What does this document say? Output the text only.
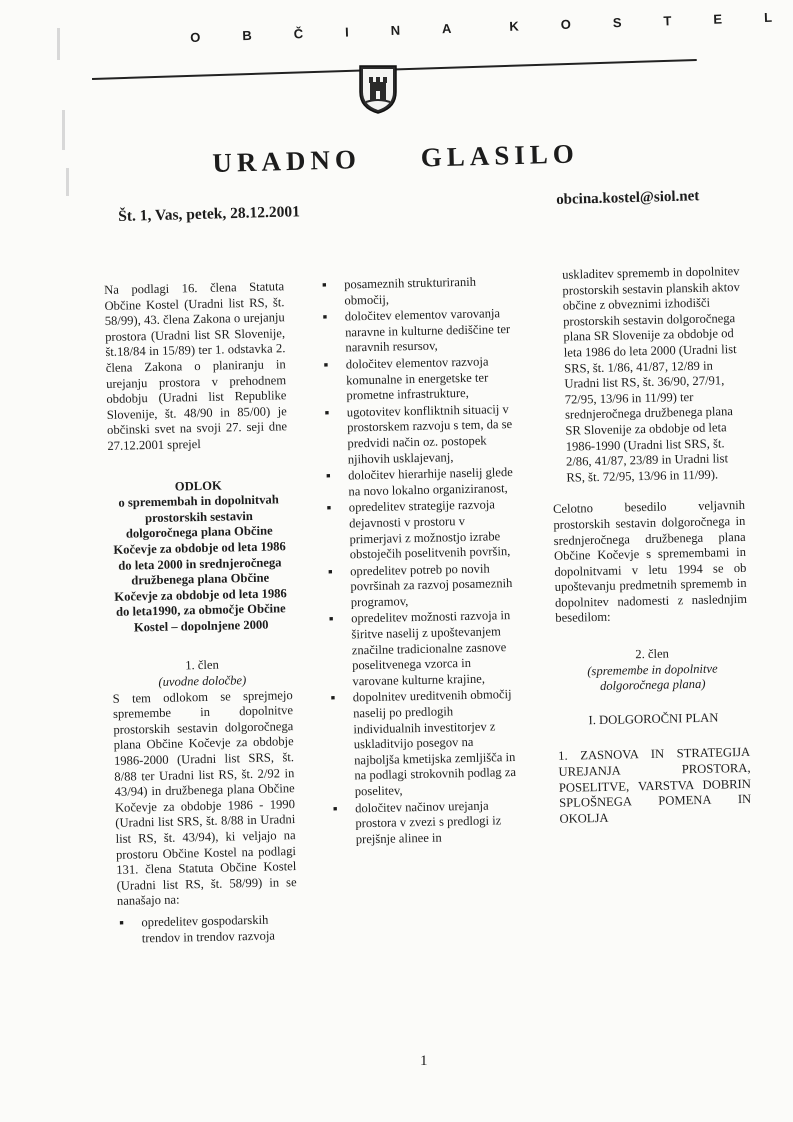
O	B	Č	I	N	A	K	O	S	T	E	L
URADNO GLASILO
Št. 1, Vas, petek, 28.12.2001
obcina.kostel@siol.net

Na podlagi 16. člena Statuta Občine Kostel (Uradni list RS, št. 58/99), 43. člena Zakona o urejanju prostora (Uradni list SR Slovenije, št.18/84 in 15/89) ter 1. odstavka 2. člena Zakona o planiranju in urejanju prostora v prehodnem obdobju (Uradni list Republike Slovenije, št. 48/90 in 85/00) je občinski svet na svoji 27. seji dne 27.12.2001 sprejel

ODLOK

o spremembah in dopolnitvah prostorskih sestavin dolgoročnega plana Občine Kočevje za obdobje od leta 1986 do leta 2000 in srednjeročnega družbenega plana Občine Kočevje za obdobje od leta 1986 do leta1990, za območje Občine Kostel – dopolnjene 2000

1. člen

(uvodne določbe)

S tem odlokom se sprejmejo spremembe in dopolnitve prostorskih sestavin dolgoročnega plana Občine Kočevje za obdobje 1986-2000 (Uradni list SRS, št. 8/88 ter Uradni list RS, št. 2/92 in 43/94) in družbenega plana Občine Kočevje za obdobje 1986 - 1990 (Uradni list SRS, št. 8/88 in Uradni list RS, št. 43/94), ki veljajo na prostoru Občine Kostel na podlagi 131. člena Statuta Občine Kostel (Uradni list RS, št. 58/99) in se nanašajo na:

■ opredelitev gospodarskih trendov in trendov razvoja
■ posameznih strukturiranih območij,
■ določitev elementov varovanja naravne in kulturne dediščine ter naravnih resursov,
■ določitev elementov razvoja komunalne in energetske ter prometne infrastrukture,
■ ugotovitev konfliktnih situacij v prostorskem razvoju s tem, da se predvidi način oz. postopek njihovih usklajevanj,
■ določitev hierarhije naselij glede na novo lokalno organiziranost,
■ opredelitev strategije razvoja dejavnosti v prostoru v primerjavi z možnostjo izrabe obstoječih poselitvenih površin,
■ opredelitev potreb po novih površinah za razvoj posameznih programov,
■ opredelitev možnosti razvoja in širitve naselij z upoštevanjem značilne tradicionalne zasnove poselitvenega vzorca in varovane kulturne krajine,
■ dopolnitev ureditvenih območij naselij po predlogih individualnih investitorjev z uskladitvijo posegov na najboljša kmetijska zemljišča in na podlagi strokovnih podlag za poselitev,
■ določitev načinov urejanja prostora v zvezi s predlogi iz prejšnje alinee in

uskladitev sprememb in dopolnitev prostorskih sestavin planskih aktov občine z obveznimi izhodišči prostorskih sestavin dolgoročnega plana SR Slovenije za obdobje od leta 1986 do leta 2000 (Uradni list SRS, št. 1/86, 41/87, 12/89 in Uradni list RS, št. 36/90, 27/91, 72/95, 13/96 in 11/99) ter srednjeročnega družbenega plana SR Slovenije za obdobje od leta 1986-1990 (Uradni list SRS, št. 2/86, 41/87, 23/89 in Uradni list RS, št. 72/95, 13/96 in 11/99).

Celotno besedilo veljavnih prostorskih sestavin dolgoročnega in srednjeročnega družbenega plana Občine Kočevje s spremembami in dopolnitvami v letu 1994 se ob upoštevanju predmetnih sprememb in dopolnitev nadomesti z naslednjim besedilom:

2. člen

(spremembe in dopolnitve dolgoročnega plana)

I. DOLGOROČNI PLAN

1. ZASNOVA IN STRATEGIJA UREJANJA PROSTORA, POSELITVE, VARSTVA DOBRIN SPLOŠNEGA POMENA IN OKOLJA

1
